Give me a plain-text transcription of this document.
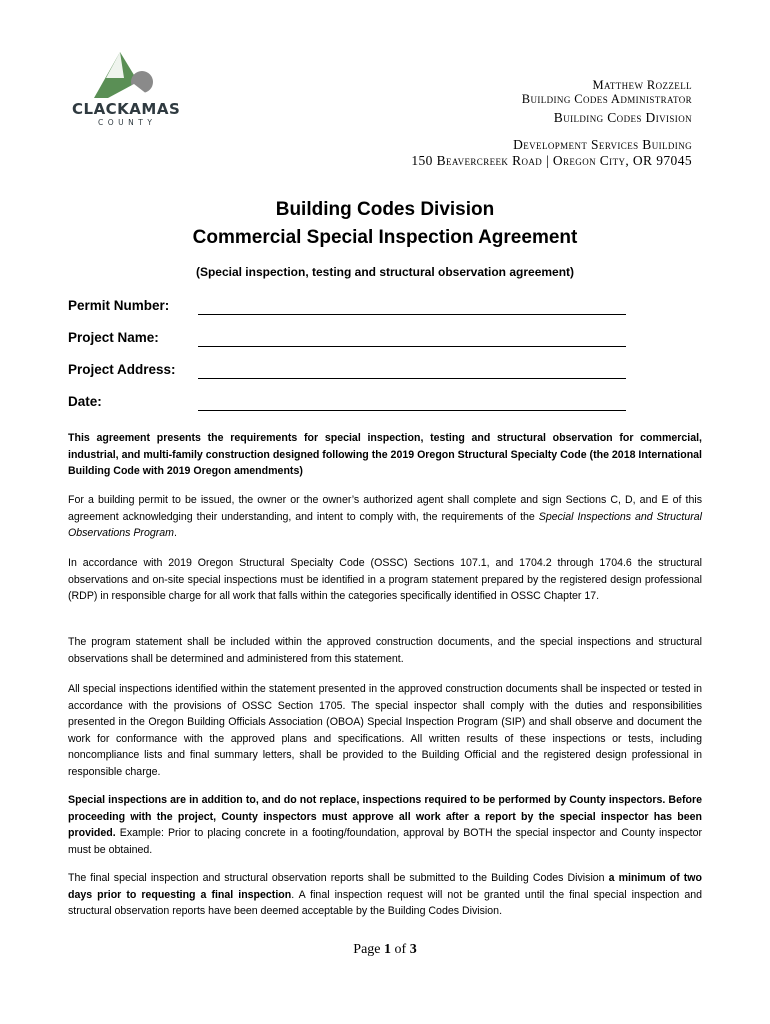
CLACKAMAS
COUNTY
Matthew Rozzell
Building Codes Administrator
Building Codes Division
Development Services Building
150 Beavercreek Road | Oregon City, OR 97045
Building Codes Division
Commercial Special Inspection Agreement
(Special inspection, testing and structural observation agreement)
Permit Number:
Project Name:
Project Address:
Date:
This agreement presents the requirements for special inspection, testing and structural observation for commercial, industrial, and multi-family construction designed following the 2019 Oregon Structural Specialty Code (the 2018 International Building Code with 2019 Oregon amendments)
For a building permit to be issued, the owner or the owner’s authorized agent shall complete and sign Sections C, D, and E of this agreement acknowledging their understanding, and intent to comply with, the requirements of the Special Inspections and Structural Observations Program.
In accordance with 2019 Oregon Structural Specialty Code (OSSC) Sections 107.1, and 1704.2 through 1704.6 the structural observations and on-site special inspections must be identified in a program statement prepared by the registered design professional (RDP) in responsible charge for all work that falls within the categories specifically identified in OSSC Chapter 17.
The program statement shall be included within the approved construction documents, and the special inspections and structural observations shall be determined and administered from this statement.
All special inspections identified within the statement presented in the approved construction documents shall be inspected or tested in accordance with the provisions of OSSC Section 1705. The special inspector shall comply with the duties and responsibilities presented in the Oregon Building Officials Association (OBOA) Special Inspection Program (SIP) and shall observe and document the work for conformance with the approved plans and specifications. All written results of these inspections or tests, including noncompliance lists and final summary letters, shall be provided to the Building Official and the registered design professional in responsible charge.
Special inspections are in addition to, and do not replace, inspections required to be performed by County inspectors. Before proceeding with the project, County inspectors must approve all work after a report by the special inspector has been provided. Example: Prior to placing concrete in a footing/foundation, approval by BOTH the special inspector and County inspector must be obtained.
The final special inspection and structural observation reports shall be submitted to the Building Codes Division a minimum of two days prior to requesting a final inspection. A final inspection request will not be granted until the final special inspection and structural observation reports have been deemed acceptable by the Building Codes Division.
Page 1 of 3
